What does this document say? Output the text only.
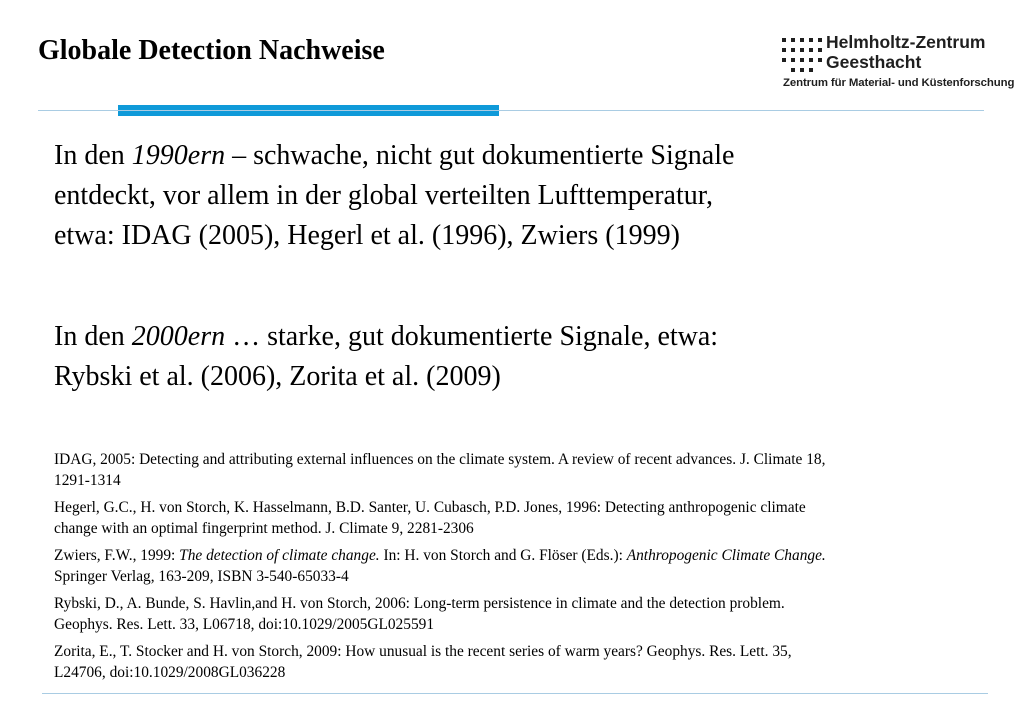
Globale Detection Nachweise	Helmholtz-Zentrum
Geesthacht
Zentrum für Material- und Küstenforschung
In den 1990ern – schwache, nicht gut dokumentierte Signale
entdeckt, vor allem in der global verteilten Lufttemperatur,
etwa: IDAG (2005), Hegerl et al. (1996), Zwiers (1999)
In den 2000ern … starke, gut dokumentierte Signale, etwa:
Rybski et al. (2006), Zorita et al. (2009)
IDAG, 2005: Detecting and attributing external influences on the climate system. A review of recent advances. J. Climate 18,
1291-1314
Hegerl, G.C., H. von Storch, K. Hasselmann, B.D. Santer, U. Cubasch, P.D. Jones, 1996: Detecting anthropogenic climate
change with an optimal fingerprint method. J. Climate 9, 2281-2306
Zwiers, F.W., 1999: The detection of climate change. In: H. von Storch and G. Flöser (Eds.): Anthropogenic Climate Change.
Springer Verlag, 163-209, ISBN 3-540-65033-4
Rybski, D., A. Bunde, S. Havlin,and H. von Storch, 2006: Long-term persistence in climate and the detection problem.
Geophys. Res. Lett. 33, L06718, doi:10.1029/2005GL025591
Zorita, E., T. Stocker and H. von Storch, 2009: How unusual is the recent series of warm years? Geophys. Res. Lett. 35,
L24706, doi:10.1029/2008GL036228
